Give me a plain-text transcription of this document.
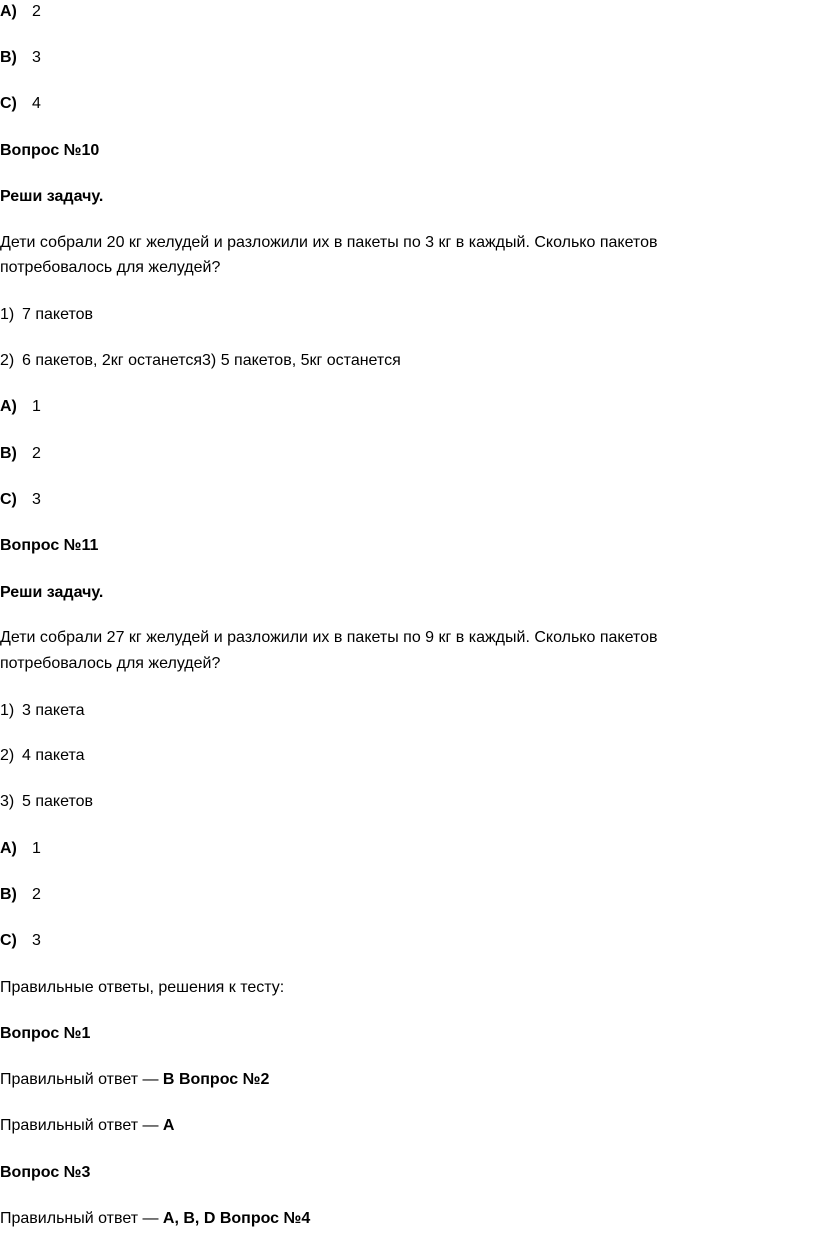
A) 2
B) 3
C) 4
Вопрос №10
Реши задачу.
Дети собрали 20 кг желудей и разложили их в пакеты по 3 кг в каждый. Сколько пакетов
потребовалось для желудей?
1) 7 пакетов
2) 6 пакетов, 2кг останется3) 5 пакетов, 5кг останется
A) 1
B) 2
C) 3
Вопрос №11
Реши задачу.
Дети собрали 27 кг желудей и разложили их в пакеты по 9 кг в каждый. Сколько пакетов
потребовалось для желудей?
1) 3 пакета
2) 4 пакета
3) 5 пакетов
A) 1
B) 2
C) 3
Правильные ответы, решения к тесту:
Вопрос №1
Правильный ответ — B Вопрос №2
Правильный ответ — A
Вопрос №3
Правильный ответ — A, B, D Вопрос №4
